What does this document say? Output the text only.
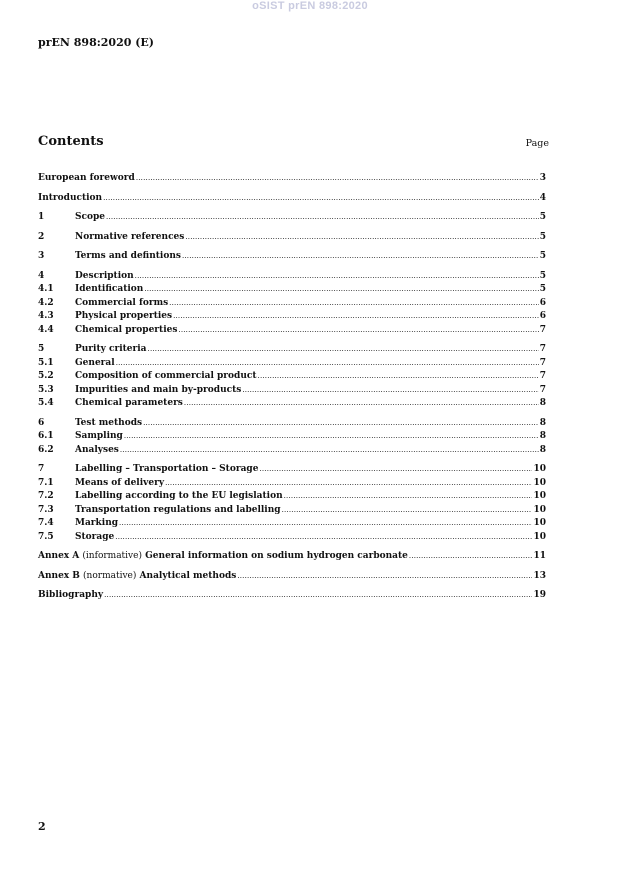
oSIST prEN 898:2020
prEN 898:2020 (E)
Contents	Page
European foreword .....	3
Introduction .....	4
1	Scope .....	5
2	Normative references .....	5
3	Terms and defintions .....	5
4	Description .....	5
4.1	Identification .....	5
4.2	Commercial forms .....	6
4.3	Physical properties .....	6
4.4	Chemical properties .....	7
5	Purity criteria .....	7
5.1	General .....	7
5.2	Composition of commercial product .....	7
5.3	Impurities and main by-products .....	7
5.4	Chemical parameters .....	8
6	Test methods .....	8
6.1	Sampling .....	8
6.2	Analyses .....	8
7	Labelling – Transportation – Storage .....	10
7.1	Means of delivery .....	10
7.2	Labelling according to the EU legislation .....	10
7.3	Transportation regulations and labelling .....	10
7.4	Marking .....	10
7.5	Storage .....	10
Annex A (informative) General information on sodium hydrogen carbonate .....	11
Annex B (normative) Analytical methods .....	13
Bibliography .....	19
2
